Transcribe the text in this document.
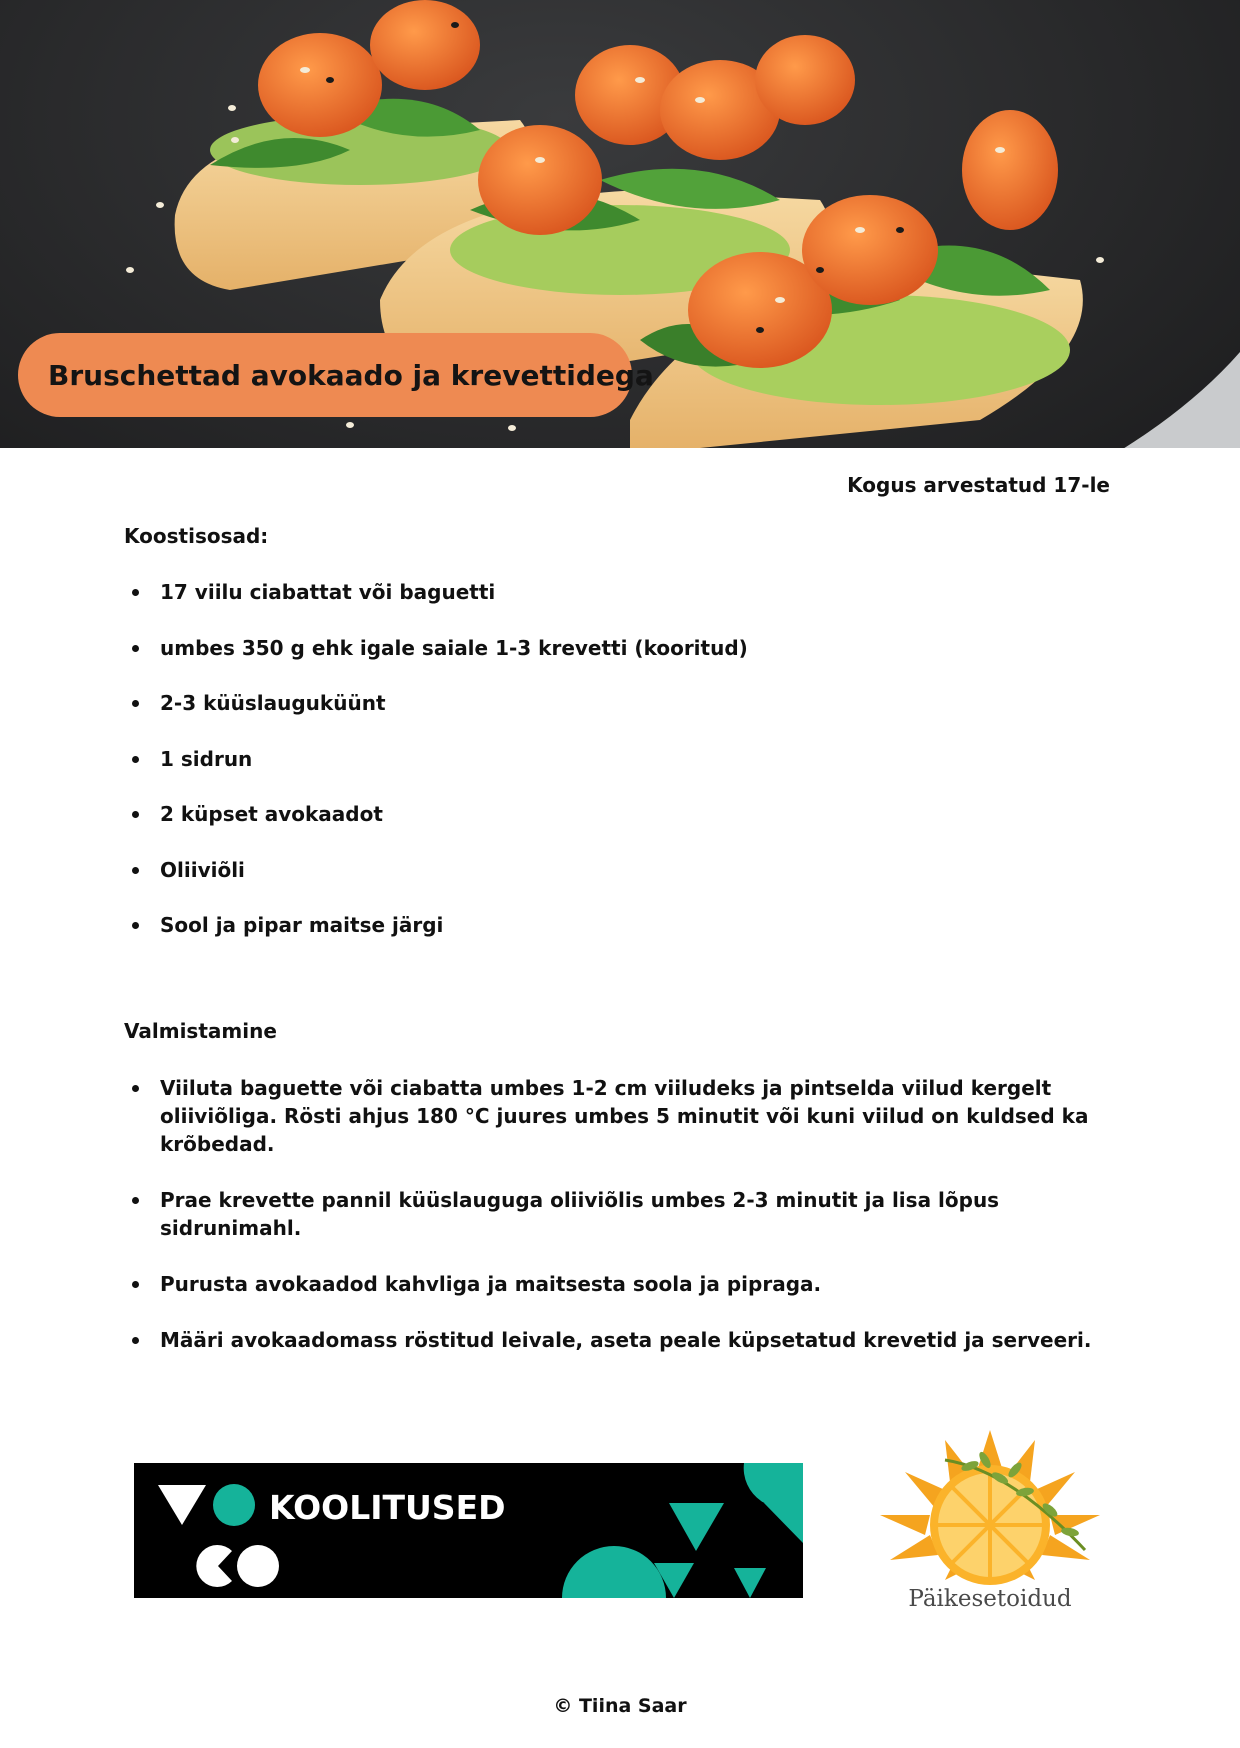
Bruschettad avokaado ja krevettidega
Kogus arvestatud 17-le
Koostisosad:
17 viilu ciabattat või baguetti
umbes 350 g ehk igale saiale 1-3 krevetti (kooritud)
2-3 küüslauguküünt
1 sidrun
2 küpset avokaadot
Oliiviõli
Sool ja pipar maitse järgi
Valmistamine
Viiluta baguette või ciabatta umbes 1-2 cm viiludeks ja pintselda viilud kergelt oliiviõliga. Rösti ahjus 180 °C juures umbes 5 minutit või kuni viilud on kuldsed ka krõbedad.
Prae krevette pannil küüslauguga oliiviõlis umbes 2-3 minutit ja lisa lõpus sidrunimahl.
Purusta avokaadod kahvliga ja maitsesta soola ja pipraga.
Määri avokaadomass röstitud leivale, aseta peale küpsetatud krevetid ja serveeri.
KOOLITUSED
Päikesetoidud
© Tiina Saar
